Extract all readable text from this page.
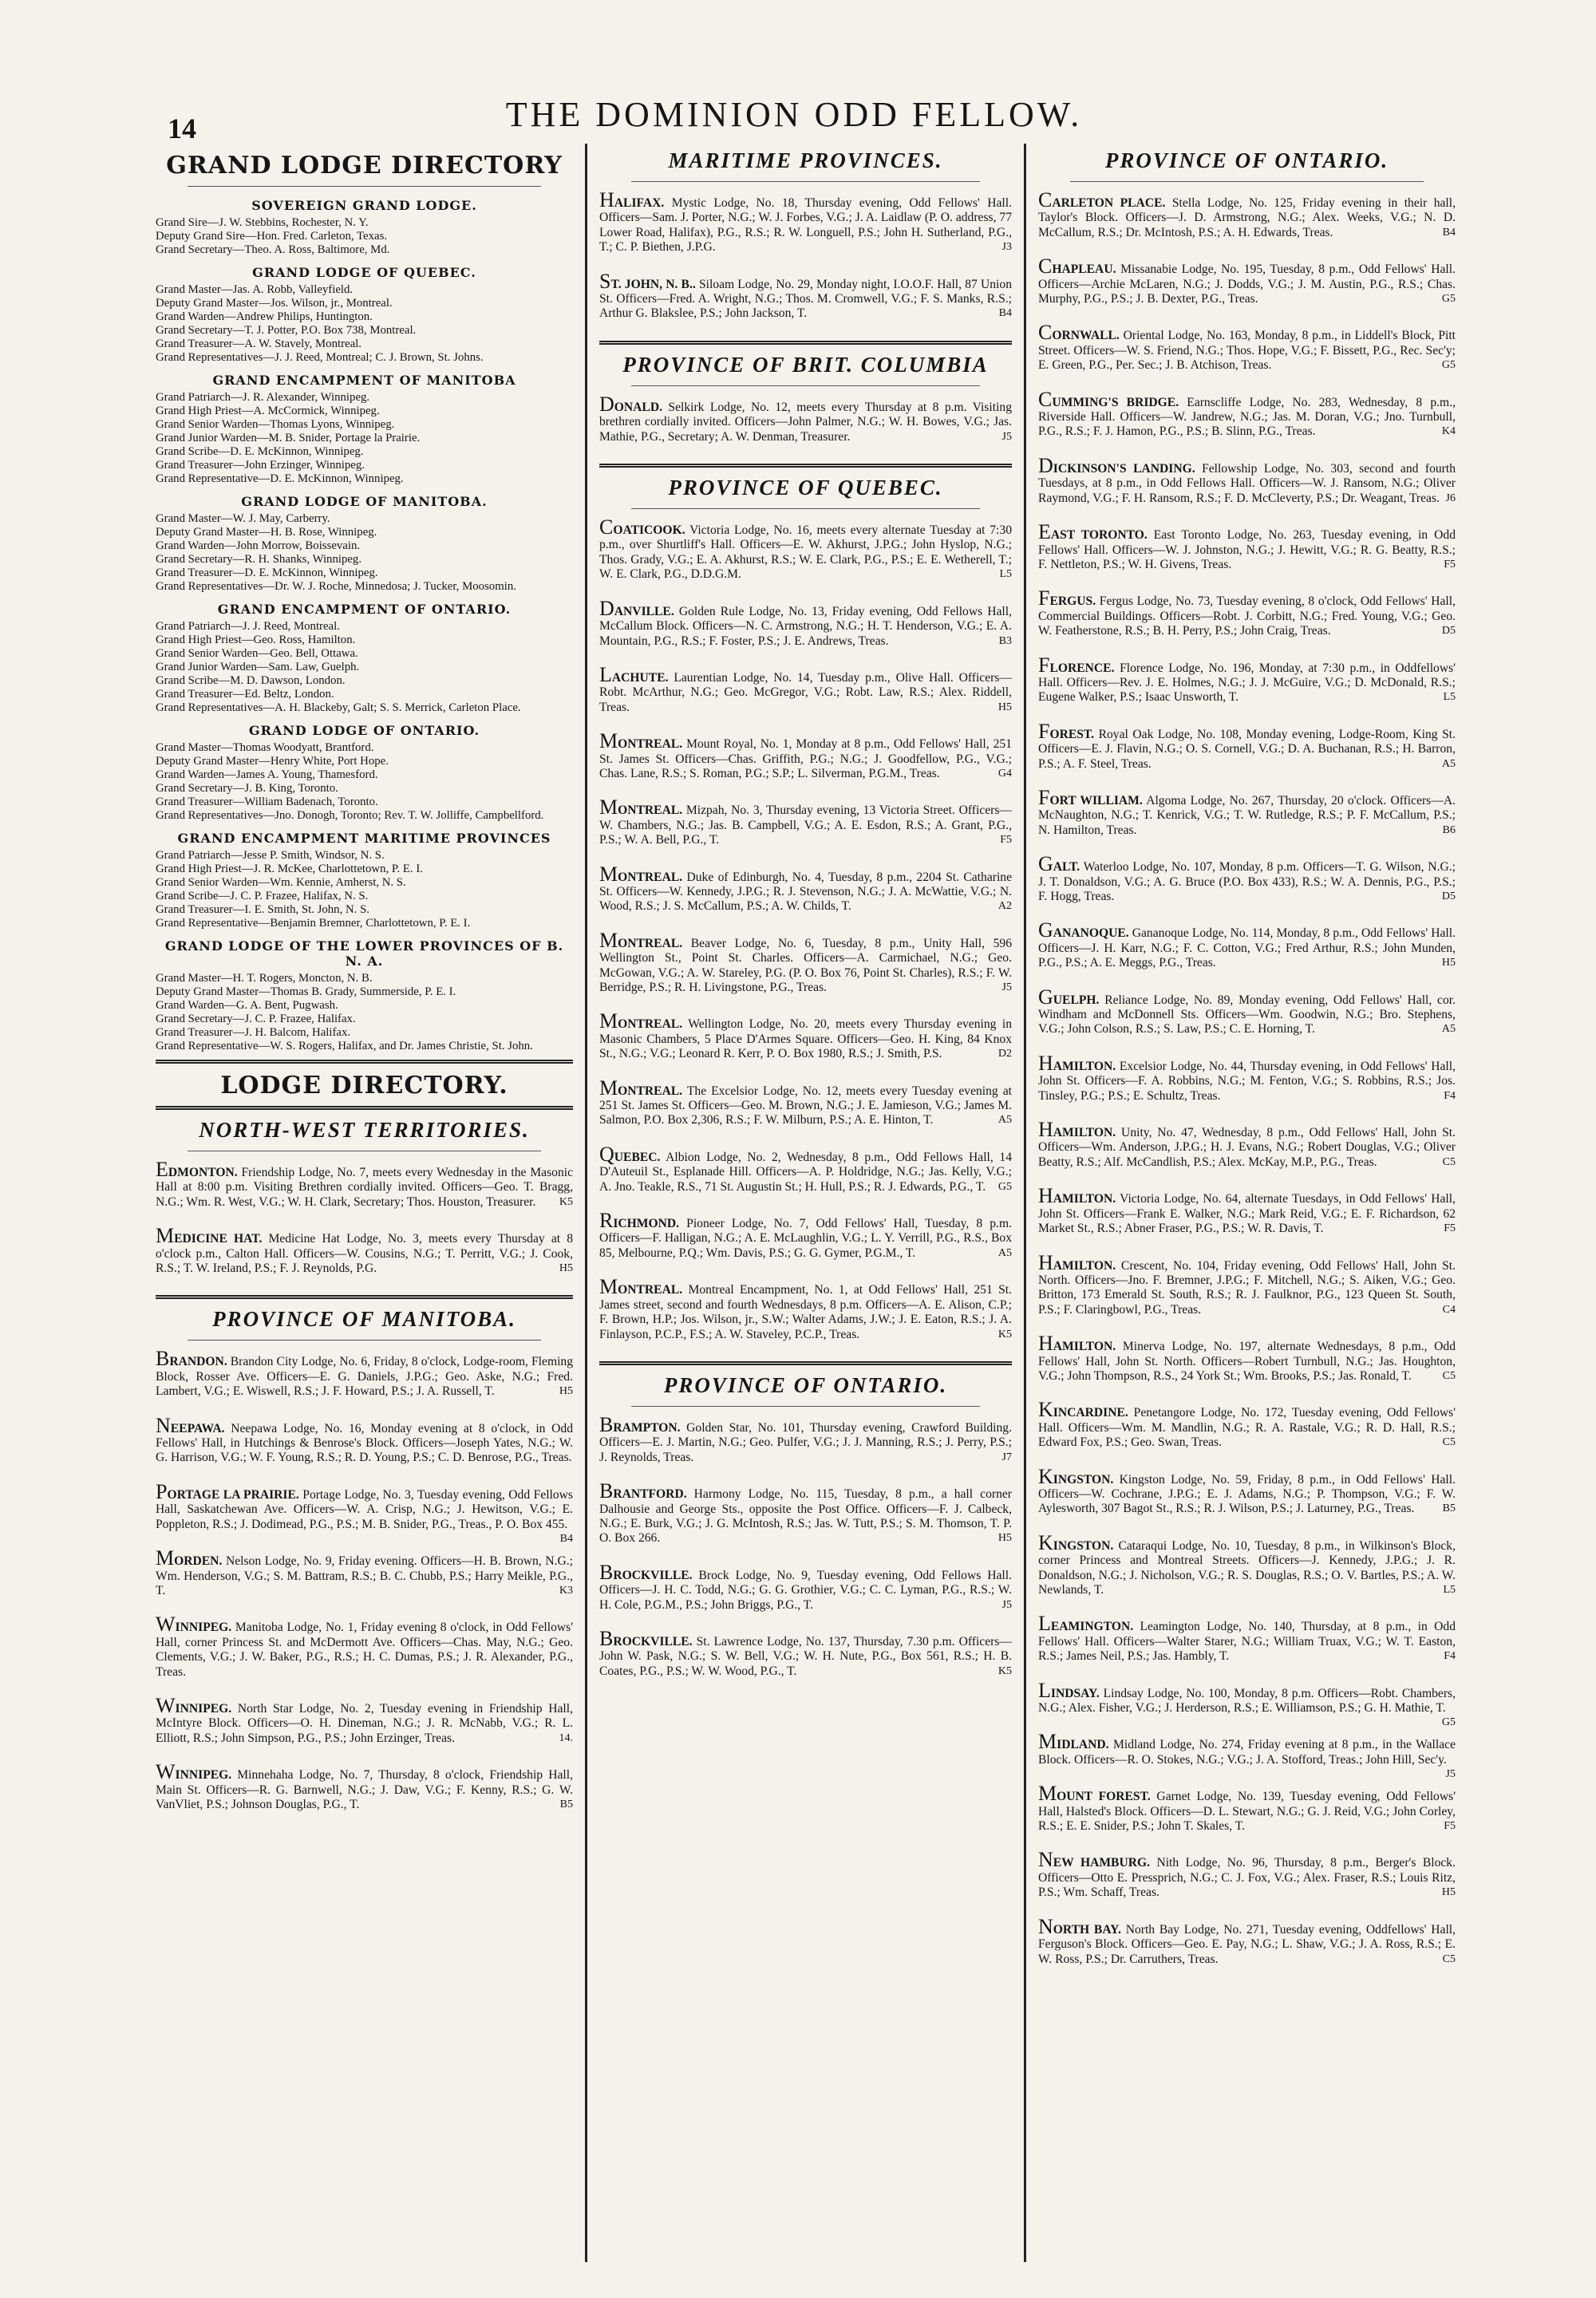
14	THE DOMINION ODD FELLOW.
GRAND LODGE DIRECTORY
SOVEREIGN GRAND LODGE.
Grand Sire—J. W. Stebbins, Rochester, N. Y.
Deputy Grand Sire—Hon. Fred. Carleton, Texas.
Grand Secretary—Theo. A. Ross, Baltimore, Md.
GRAND LODGE OF QUEBEC.
Grand Master—Jas. A. Robb, Valleyfield.
Deputy Grand Master—Jos. Wilson, jr., Montreal.
Grand Warden—Andrew Philips, Huntington.
Grand Secretary—T. J. Potter, P.O. Box 738, Montreal.
Grand Treasurer—A. W. Stavely, Montreal.
Grand Representatives—J. J. Reed, Montreal; C. J. Brown, St. Johns.
GRAND ENCAMPMENT OF MANITOBA
Grand Patriarch—J. R. Alexander, Winnipeg.
Grand High Priest—A. McCormick, Winnipeg.
Grand Senior Warden—Thomas Lyons, Winnipeg.
Grand Junior Warden—M. B. Snider, Portage la Prairie.
Grand Scribe—D. E. McKinnon, Winnipeg.
Grand Treasurer—John Erzinger, Winnipeg.
Grand Representative—D. E. McKinnon, Winnipeg.
GRAND LODGE OF MANITOBA.
Grand Master—W. J. May, Carberry.
Deputy Grand Master—H. B. Rose, Winnipeg.
Grand Warden—John Morrow, Boissevain.
Grand Secretary—R. H. Shanks, Winnipeg.
Grand Treasurer—D. E. McKinnon, Winnipeg.
Grand Representatives—Dr. W. J. Roche, Minnedosa; J. Tucker, Moosomin.
GRAND ENCAMPMENT OF ONTARIO.
Grand Patriarch—J. J. Reed, Montreal.
Grand High Priest—Geo. Ross, Hamilton.
Grand Senior Warden—Geo. Bell, Ottawa.
Grand Junior Warden—Sam. Law, Guelph.
Grand Scribe—M. D. Dawson, London.
Grand Treasurer—Ed. Beltz, London.
Grand Representatives—A. H. Blackeby, Galt; S. S. Merrick, Carleton Place.
GRAND LODGE OF ONTARIO.
Grand Master—Thomas Woodyatt, Brantford.
Deputy Grand Master—Henry White, Port Hope.
Grand Warden—James A. Young, Thamesford.
Grand Secretary—J. B. King, Toronto.
Grand Treasurer—William Badenach, Toronto.
Grand Representatives—Jno. Donogh, Toronto; Rev. T. W. Jolliffe, Campbellford.
GRAND ENCAMPMENT MARITIME PROVINCES
Grand Patriarch—Jesse P. Smith, Windsor, N. S.
Grand High Priest—J. R. McKee, Charlottetown, P. E. I.
Grand Senior Warden—Wm. Kennie, Amherst, N. S.
Grand Scribe—J. C. P. Frazee, Halifax, N. S.
Grand Treasurer—I. E. Smith, St. John, N. S.
Grand Representative—Benjamin Bremner, Charlottetown, P. E. I.
GRAND LODGE OF THE LOWER PROVINCES OF B. N. A.
Grand Master—H. T. Rogers, Moncton, N. B.
Deputy Grand Master—Thomas B. Grady, Summerside, P. E. I.
Grand Warden—G. A. Bent, Pugwash.
Grand Secretary—J. C. P. Frazee, Halifax.
Grand Treasurer—J. H. Balcom, Halifax.
Grand Representative—W. S. Rogers, Halifax, and Dr. James Christie, St. John.
LODGE DIRECTORY.
NORTH-WEST TERRITORIES.
EDMONTON. Friendship Lodge, No. 7, meets every Wednesday in the Masonic Hall at 8:00 p.m. Visiting Brethren cordially invited. Officers—Geo. T. Bragg, N.G.; Wm. R. West, V.G.; W. H. Clark, Secretary; Thos. Houston, Treasurer. K5
MEDICINE HAT. Medicine Hat Lodge, No. 3, meets every Thursday at 8 o'clock p.m., Calton Hall. Officers—W. Cousins, N.G.; T. Perritt, V.G.; J. Cook, R.S.; T. W. Ireland, P.S.; F. J. Reynolds, P.G.	H5
PROVINCE OF MANITOBA.
BRANDON. Brandon City Lodge, No. 6, Friday, 8 o'clock, Lodge-room, Fleming Block, Rosser Ave. Officers—E. G. Daniels, J.P.G.; Geo. Aske, N.G.; Fred. Lambert, V.G.; E. Wiswell, R.S.; J. F. Howard, P.S.; J. A. Russell, T.	H5
NEEPAWA. Neepawa Lodge, No. 16, Monday evening at 8 o'clock, in Odd Fellows' Hall, in Hutchings & Benrose's Block. Officers—Joseph Yates, N.G.; W. G. Harrison, V.G.; W. F. Young, R.S.; R. D. Young, P.S.; C. D. Benrose, P.G., Treas.
PORTAGE LA PRAIRIE. Portage Lodge, No. 3, Tuesday evening, Odd Fellows Hall, Saskatchewan Ave. Officers—W. A. Crisp, N.G.; J. Hewitson, V.G.; E. Poppleton, R.S.; J. Dodimead, P.G., P.S.; M. B. Snider, P.G., Treas., P. O. Box 455.
B4
MORDEN. Nelson Lodge, No. 9, Friday evening. Officers—H. B. Brown, N.G.; Wm. Henderson, V.G.; S. M. Battram, R.S.; B. C. Chubb, P.S.; Harry Meikle, P.G., T.	K3
WINNIPEG. Manitoba Lodge, No. 1, Friday evening 8 o'clock, in Odd Fellows' Hall, corner Princess St. and McDermott Ave. Officers—Chas. May, N.G.; Geo. Clements, V.G.; J. W. Baker, P.G., R.S.; H. C. Dumas, P.S.; J. R. Alexander, P.G., Treas.
WINNIPEG. North Star Lodge, No. 2, Tuesday evening in Friendship Hall, McIntyre Block. Officers—O. H. Dineman, N.G.; J. R. McNabb, V.G.; R. L. Elliott, R.S.; John Simpson, P.G., P.S.; John Erzinger, Treas.	14.
WINNIPEG. Minnehaha Lodge, No. 7, Thursday, 8 o'clock, Friendship Hall, Main St. Officers—R. G. Barnwell, N.G.; J. Daw, V.G.; F. Kenny, R.S.; G. W. VanVliet, P.S.; Johnson Douglas, P.G., T.	B5
MARITIME PROVINCES.
HALIFAX. Mystic Lodge, No. 18, Thursday evening, Odd Fellows' Hall. Officers—Sam. J. Porter, N.G.; W. J. Forbes, V.G.; J. A. Laidlaw (P. O. address, 77 Lower Road, Halifax), P.G., R.S.; R. W. Longuell, P.S.; John H. Sutherland, P.G., T.; C. P. Biethen, J.P.G.	J3
ST. JOHN, N. B.. Siloam Lodge, No. 29, Monday night, I.O.O.F. Hall, 87 Union St. Officers—Fred. A. Wright, N.G.; Thos. M. Cromwell, V.G.; F. S. Manks, R.S.; Arthur G. Blakslee, P.S.; John Jackson, T.	B4
PROVINCE OF BRIT. COLUMBIA
DONALD. Selkirk Lodge, No. 12, meets every Thursday at 8 p.m. Visiting brethren cordially invited. Officers—John Palmer, N.G.; W. H. Bowes, V.G.; Jas. Mathie, P.G., Secretary; A. W. Denman, Treasurer.	J5
PROVINCE OF QUEBEC.
COATICOOK. Victoria Lodge, No. 16, meets every alternate Tuesday at 7:30 p.m., over Shurtliff's Hall. Officers—E. W. Akhurst, J.P.G.; John Hyslop, N.G.; Thos. Grady, V.G.; E. A. Akhurst, R.S.; W. E. Clark, P.G., P.S.; E. E. Wetherell, T.; W. E. Clark, P.G., D.D.G.M.	L5
DANVILLE. Golden Rule Lodge, No. 13, Friday evening, Odd Fellows Hall, McCallum Block. Officers—N. C. Armstrong, N.G.; H. T. Henderson, V.G.; E. A. Mountain, P.G., R.S.; F. Foster, P.S.; J. E. Andrews, Treas.	B3
LACHUTE. Laurentian Lodge, No. 14, Tuesday p.m., Olive Hall. Officers—Robt. McArthur, N.G.; Geo. McGregor, V.G.; Robt. Law, R.S.; Alex. Riddell, Treas.	H5
MONTREAL. Mount Royal, No. 1, Monday at 8 p.m., Odd Fellows' Hall, 251 St. James St. Officers—Chas. Griffith, P.G.; N.G.; J. Goodfellow, P.G., V.G.; Chas. Lane, R.S.; S. Roman, P.G.; S.P.; L. Silverman, P.G.M., Treas.	G4
MONTREAL. Mizpah, No. 3, Thursday evening, 13 Victoria Street. Officers—W. Chambers, N.G.; Jas. B. Campbell, V.G.; A. E. Esdon, R.S.; A. Grant, P.G., P.S.; W. A. Bell, P.G., T.	F5
MONTREAL. Duke of Edinburgh, No. 4, Tuesday, 8 p.m., 2204 St. Catharine St. Officers—W. Kennedy, J.P.G.; R. J. Stevenson, N.G.; J. A. McWattie, V.G.; N. Wood, R.S.; J. S. McCallum, P.S.; A. W. Childs, T.	A2
MONTREAL. Beaver Lodge, No. 6, Tuesday, 8 p.m., Unity Hall, 596 Wellington St., Point St. Charles. Officers—A. Carmichael, N.G.; Geo. McGowan, V.G.; A. W. Stareley, P.G. (P. O. Box 76, Point St. Charles), R.S.; F. W. Berridge, P.S.; R. H. Livingstone, P.G., Treas.	J5
MONTREAL. Wellington Lodge, No. 20, meets every Thursday evening in Masonic Chambers, 5 Place D'Armes Square. Officers—Geo. H. King, 84 Knox St., N.G.; V.G.; Leonard R. Kerr, P. O. Box 1980, R.S.; J. Smith, P.S.	D2
MONTREAL. The Excelsior Lodge, No. 12, meets every Tuesday evening at 251 St. James St. Officers—Geo. M. Brown, N.G.; J. E. Jamieson, V.G.; James M. Salmon, P.O. Box 2,306, R.S.; F. W. Milburn, P.S.; A. E. Hinton, T.	A5
QUEBEC. Albion Lodge, No. 2, Wednesday, 8 p.m., Odd Fellows Hall, 14 D'Auteuil St., Esplanade Hill. Officers—A. P. Holdridge, N.G.; Jas. Kelly, V.G.; A. Jno. Teakle, R.S., 71 St. Augustin St.; H. Hull, P.S.; R. J. Edwards, P.G., T. G5
RICHMOND. Pioneer Lodge, No. 7, Odd Fellows' Hall, Tuesday, 8 p.m. Officers—F. Halligan, N.G.; A. E. McLaughlin, V.G.; L. Y. Verrill, P.G., R.S., Box 85, Melbourne, P.Q.; Wm. Davis, P.S.; G. G. Gymer, P.G.M., T.	A5
MONTREAL. Montreal Encampment, No. 1, at Odd Fellows' Hall, 251 St. James street, second and fourth Wednesdays, 8 p.m. Officers—A. E. Alison, C.P.; F. Brown, H.P.; Jos. Wilson, jr., S.W.; Walter Adams, J.W.; J. E. Eaton, R.S.; J. A. Finlayson, P.C.P., F.S.; A. W. Staveley, P.C.P., Treas.	K5
PROVINCE OF ONTARIO.
BRAMPTON. Golden Star, No. 101, Thursday evening, Crawford Building. Officers—E. J. Martin, N.G.; Geo. Pulfer, V.G.; J. J. Manning, R.S.; J. Perry, P.S.; J. Reynolds, Treas.	J7
BRANTFORD. Harmony Lodge, No. 115, Tuesday, 8 p.m., a hall corner Dalhousie and George Sts., opposite the Post Office. Officers—F. J. Calbeck, N.G.; E. Burk, V.G.; J. G. McIntosh, R.S.; Jas. W. Tutt, P.S.; S. M. Thomson, T. P. O. Box 266.	H5
BROCKVILLE. Brock Lodge, No. 9, Tuesday evening, Odd Fellows Hall. Officers—J. H. C. Todd, N.G.; G. G. Grothier, V.G.; C. C. Lyman, P.G., R.S.; W. H. Cole, P.G.M., P.S.; John Briggs, P.G., T.	J5
BROCKVILLE. St. Lawrence Lodge, No. 137, Thursday, 7.30 p.m. Officers—John W. Pask, N.G.; S. W. Bell, V.G.; W. H. Nute, P.G., Box 561, R.S.; H. B. Coates, P.G., P.S.; W. W. Wood, P.G., T.	K5
PROVINCE OF ONTARIO.
CARLETON PLACE. Stella Lodge, No. 125, Friday evening in their hall, Taylor's Block. Officers—J. D. Armstrong, N.G.; Alex. Weeks, V.G.; N. D. McCallum, R.S.; Dr. McIntosh, P.S.; A. H. Edwards, Treas.	B4
CHAPLEAU. Missanabie Lodge, No. 195, Tuesday, 8 p.m., Odd Fellows' Hall. Officers—Archie McLaren, N.G.; J. Dodds, V.G.; J. M. Austin, P.G., R.S.; Chas. Murphy, P.G., P.S.; J. B. Dexter, P.G., Treas.	G5
CORNWALL. Oriental Lodge, No. 163, Monday, 8 p.m., in Liddell's Block, Pitt Street. Officers—W. S. Friend, N.G.; Thos. Hope, V.G.; F. Bissett, P.G., Rec. Sec'y; E. Green, P.G., Per. Sec.; J. B. Atchison, Treas.	G5
CUMMING'S BRIDGE. Earnscliffe Lodge, No. 283, Wednesday, 8 p.m., Riverside Hall. Officers—W. Jandrew, N.G.; Jas. M. Doran, V.G.; Jno. Turnbull, P.G., R.S.; F. J. Hamon, P.G., P.S.; B. Slinn, P.G., Treas.	K4
DICKINSON'S LANDING. Fellowship Lodge, No. 303, second and fourth Tuesdays, at 8 p.m., in Odd Fellows Hall. Officers—W. J. Ransom, N.G.; Oliver Raymond, V.G.; F. H. Ransom, R.S.; F. D. McCleverty, P.S.; Dr. Weagant, Treas. J6
EAST TORONTO. East Toronto Lodge, No. 263, Tuesday evening, in Odd Fellows' Hall. Officers—W. J. Johnston, N.G.; J. Hewitt, V.G.; R. G. Beatty, R.S.; F. Nettleton, P.S.; W. H. Givens, Treas.	F5
FERGUS. Fergus Lodge, No. 73, Tuesday evening, 8 o'clock, Odd Fellows' Hall, Commercial Buildings. Officers—Robt. J. Corbitt, N.G.; Fred. Young, V.G.; Geo. W. Featherstone, R.S.; B. H. Perry, P.S.; John Craig, Treas.	D5
FLORENCE. Florence Lodge, No. 196, Monday, at 7:30 p.m., in Oddfellows' Hall. Officers—Rev. J. E. Holmes, N.G.; J. J. McGuire, V.G.; D. McDonald, R.S.; Eugene Walker, P.S.; Isaac Unsworth, T.	L5
FOREST. Royal Oak Lodge, No. 108, Monday evening, Lodge-Room, King St. Officers—E. J. Flavin, N.G.; O. S. Cornell, V.G.; D. A. Buchanan, R.S.; H. Barron, P.S.; A. F. Steel, Treas.	A5
FORT WILLIAM. Algoma Lodge, No. 267, Thursday, 20 o'clock. Officers—A. McNaughton, N.G.; T. Kenrick, V.G.; T. W. Rutledge, R.S.; P. F. McCallum, P.S.; N. Hamilton, Treas.	B6
GALT. Waterloo Lodge, No. 107, Monday, 8 p.m. Officers—T. G. Wilson, N.G.; J. T. Donaldson, V.G.; A. G. Bruce (P.O. Box 433), R.S.; W. A. Dennis, P.G., P.S.; F. Hogg, Treas.	D5
GANANOQUE. Gananoque Lodge, No. 114, Monday, 8 p.m., Odd Fellows' Hall. Officers—J. H. Karr, N.G.; F. C. Cotton, V.G.; Fred Arthur, R.S.; John Munden, P.G., P.S.; A. E. Meggs, P.G., Treas.	H5
GUELPH. Reliance Lodge, No. 89, Monday evening, Odd Fellows' Hall, cor. Windham and McDonnell Sts. Officers—Wm. Goodwin, N.G.; Bro. Stephens, V.G.; John Colson, R.S.; S. Law, P.S.; C. E. Horning, T.	A5
HAMILTON. Excelsior Lodge, No. 44, Thursday evening, in Odd Fellows' Hall, John St. Officers—F. A. Robbins, N.G.; M. Fenton, V.G.; S. Robbins, R.S.; Jos. Tinsley, P.G.; P.S.; E. Schultz, Treas.	F4
HAMILTON. Unity, No. 47, Wednesday, 8 p.m., Odd Fellows' Hall, John St. Officers—Wm. Anderson, J.P.G.; H. J. Evans, N.G.; Robert Douglas, V.G.; Oliver Beatty, R.S.; Alf. McCandlish, P.S.; Alex. McKay, M.P., P.G., Treas.	C5
HAMILTON. Victoria Lodge, No. 64, alternate Tuesdays, in Odd Fellows' Hall, John St. Officers—Frank E. Walker, N.G.; Mark Reid, V.G.; E. F. Richardson, 62 Market St., R.S.; Abner Fraser, P.G., P.S.; W. R. Davis, T.	F5
HAMILTON. Crescent, No. 104, Friday evening, Odd Fellows' Hall, John St. North. Officers—Jno. F. Bremner, J.P.G.; F. Mitchell, N.G.; S. Aiken, V.G.; Geo. Britton, 173 Emerald St. South, R.S.; R. J. Faulknor, P.G., 123 Queen St. South, P.S.; F. Claringbowl, P.G., Treas.	C4
HAMILTON. Minerva Lodge, No. 197, alternate Wednesdays, 8 p.m., Odd Fellows' Hall, John St. North. Officers—Robert Turnbull, N.G.; Jas. Houghton, V.G.; John Thompson, R.S., 24 York St.; Wm. Brooks, P.S.; Jas. Ronald, T.	C5
KINCARDINE. Penetangore Lodge, No. 172, Tuesday evening, Odd Fellows' Hall. Officers—Wm. M. Mandlin, N.G.; R. A. Rastale, V.G.; R. D. Hall, R.S.; Edward Fox, P.S.; Geo. Swan, Treas.	C5
KINGSTON. Kingston Lodge, No. 59, Friday, 8 p.m., in Odd Fellows' Hall. Officers—W. Cochrane, J.P.G.; E. J. Adams, N.G.; P. Thompson, V.G.; F. W. Aylesworth, 307 Bagot St., R.S.; R. J. Wilson, P.S.; J. Laturney, P.G., Treas.	B5
KINGSTON. Cataraqui Lodge, No. 10, Tuesday, 8 p.m., in Wilkinson's Block, corner Princess and Montreal Streets. Officers—J. Kennedy, J.P.G.; J. R. Donaldson, N.G.; J. Nicholson, V.G.; R. S. Douglas, R.S.; O. V. Bartles, P.S.; A. W. Newlands, T.	L5
LEAMINGTON. Leamington Lodge, No. 140, Thursday, at 8 p.m., in Odd Fellows' Hall. Officers—Walter Starer, N.G.; William Truax, V.G.; W. T. Easton, R.S.; James Neil, P.S.; Jas. Hambly, T.	F4
LINDSAY. Lindsay Lodge, No. 100, Monday, 8 p.m. Officers—Robt. Chambers, N.G.; Alex. Fisher, V.G.; J. Herderson, R.S.; E. Williamson, P.S.; G. H. Mathie, T.
G5
MIDLAND. Midland Lodge, No. 274, Friday evening at 8 p.m., in the Wallace Block. Officers—R. O. Stokes, N.G.; V.G.; J. A. Stofford, Treas.; John Hill, Sec'y.
J5
MOUNT FOREST. Garnet Lodge, No. 139, Tuesday evening, Odd Fellows' Hall, Halsted's Block. Officers—D. L. Stewart, N.G.; G. J. Reid, V.G.; John Corley, R.S.; E. E. Snider, P.S.; John T. Skales, T.	F5
NEW HAMBURG. Nith Lodge, No. 96, Thursday, 8 p.m., Berger's Block. Officers—Otto E. Pressprich, N.G.; C. J. Fox, V.G.; Alex. Fraser, R.S.; Louis Ritz, P.S.; Wm. Schaff, Treas.	H5
NORTH BAY. North Bay Lodge, No. 271, Tuesday evening, Oddfellows' Hall, Ferguson's Block. Officers—Geo. E. Pay, N.G.; L. Shaw, V.G.; J. A. Ross, R.S.; E. W. Ross, P.S.; Dr. Carruthers, Treas.	C5
